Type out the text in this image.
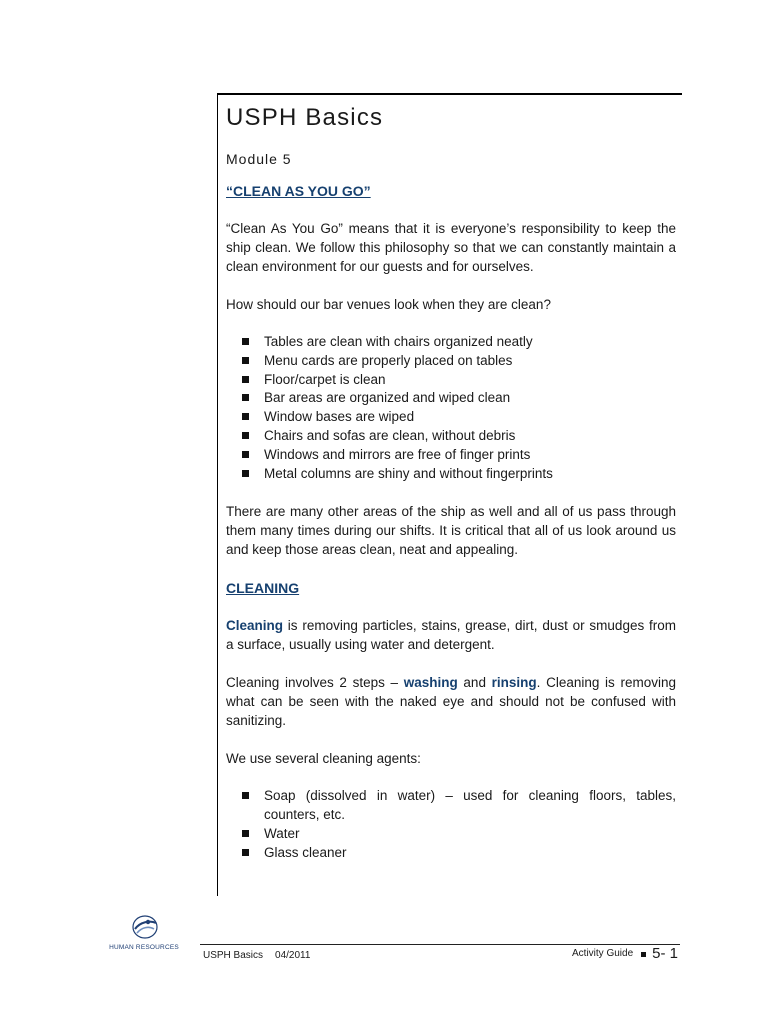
USPH Basics
Module 5
“CLEAN AS YOU GO”

“Clean As You Go” means that it is everyone’s responsibility to keep the ship clean. We follow this philosophy so that we can constantly maintain a clean environment for our guests and for ourselves.

How should our bar venues look when they are clean?

Tables are clean with chairs organized neatly
Menu cards are properly placed on tables
Floor/carpet is clean
Bar areas are organized and wiped clean
Window bases are wiped
Chairs and sofas are clean, without debris
Windows and mirrors are free of finger prints
Metal columns are shiny and without fingerprints

There are many other areas of the ship as well and all of us pass through them many times during our shifts. It is critical that all of us look around us and keep those areas clean, neat and appealing.

CLEANING

Cleaning is removing particles, stains, grease, dirt, dust or smudges from a surface, usually using water and detergent.

Cleaning involves 2 steps – washing and rinsing. Cleaning is removing what can be seen with the naked eye and should not be confused with sanitizing.

We use several cleaning agents:

Soap (dissolved in water) – used for cleaning floors, tables, counters, etc.
Water
Glass cleaner
HUMAN RESOURCES
USPH Basics 04/2011	Activity Guide 5- 1
